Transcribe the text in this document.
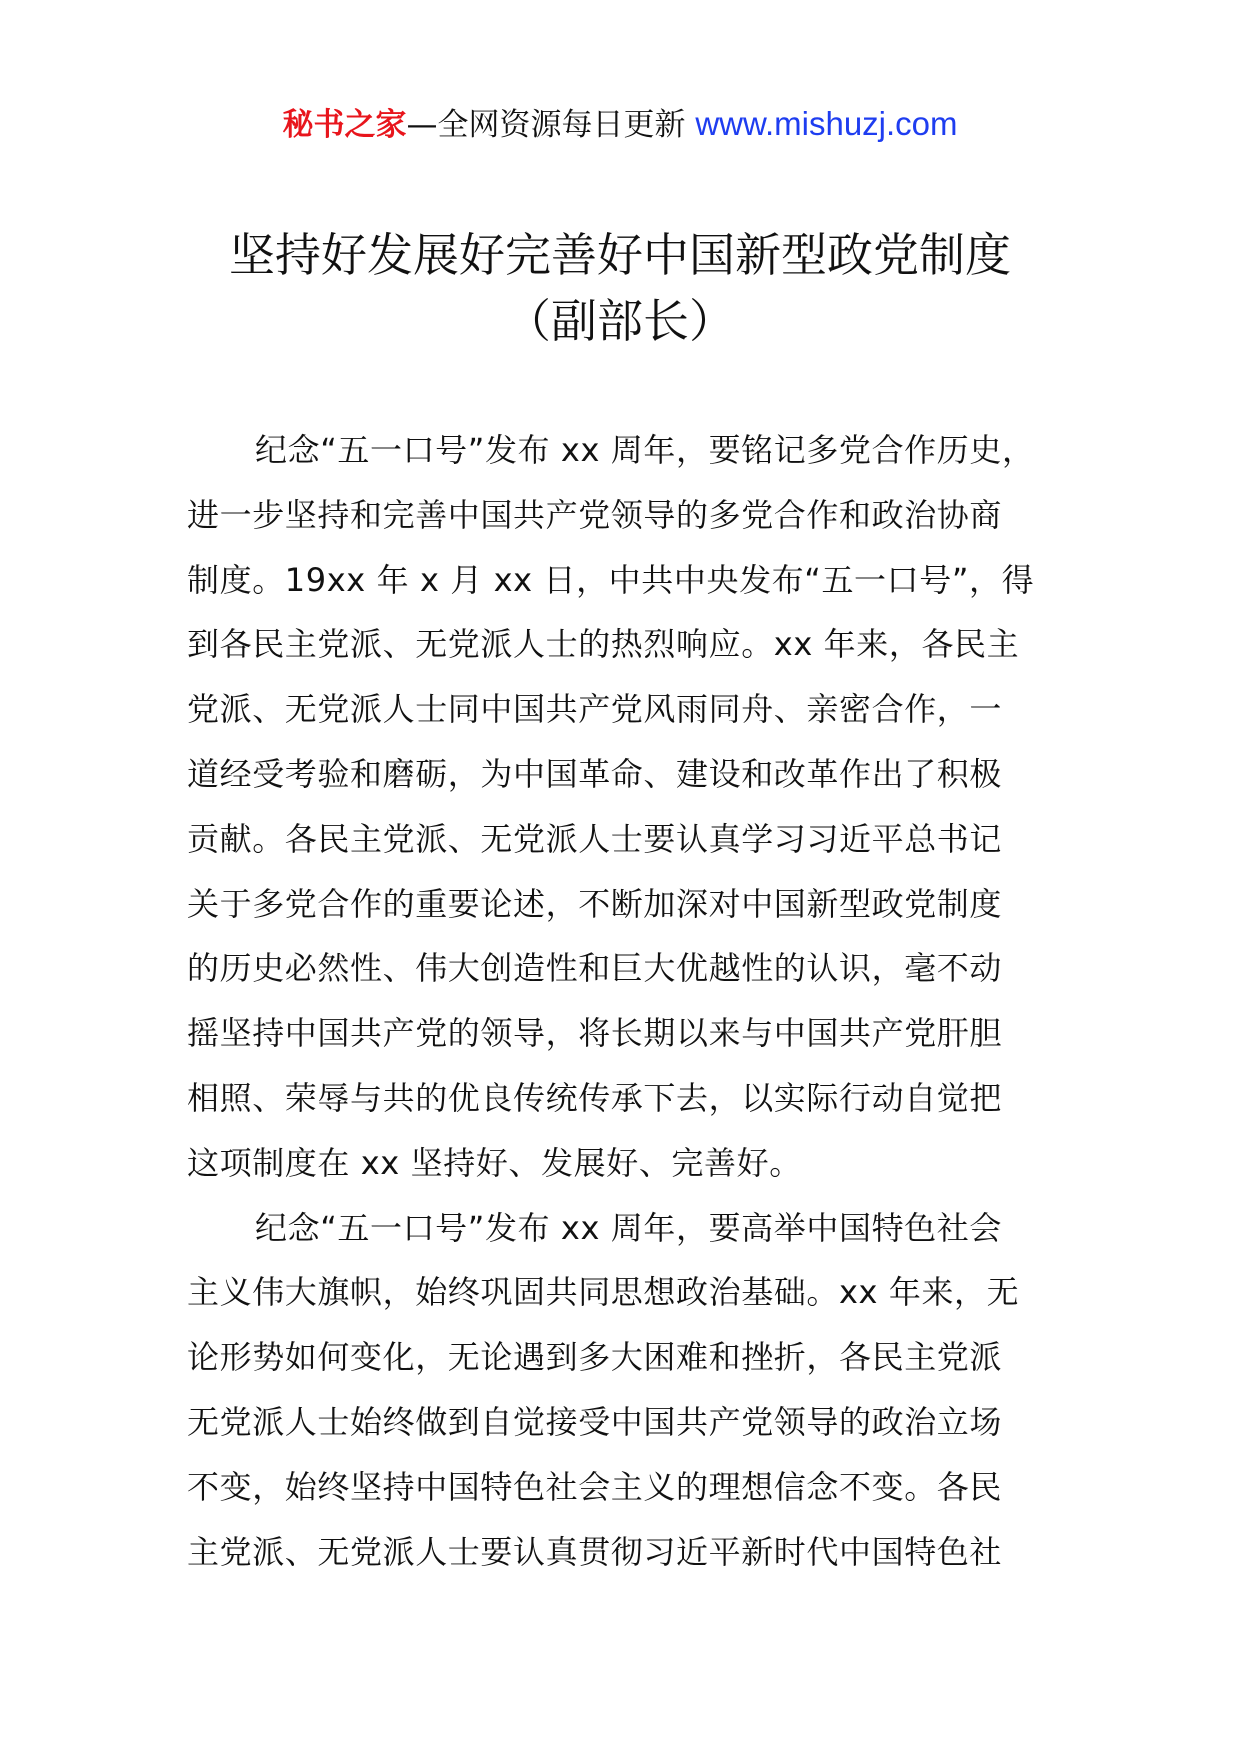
秘书之家—全网资源每日更新 www.mishuzj.com
坚持好发展好完善好中国新型政党制度
（副部长）
纪念“五一口号”发布 xx 周年，要铭记多党合作历史，
进一步坚持和完善中国共产党领导的多党合作和政治协商
制度。19xx 年 x 月 xx 日，中共中央发布“五一口号”，得
到各民主党派、无党派人士的热烈响应。xx 年来，各民主
党派、无党派人士同中国共产党风雨同舟、亲密合作，一
道经受考验和磨砺，为中国革命、建设和改革作出了积极
贡献。各民主党派、无党派人士要认真学习习近平总书记
关于多党合作的重要论述，不断加深对中国新型政党制度
的历史必然性、伟大创造性和巨大优越性的认识，毫不动
摇坚持中国共产党的领导，将长期以来与中国共产党肝胆
相照、荣辱与共的优良传统传承下去，以实际行动自觉把
这项制度在 xx 坚持好、发展好、完善好。
纪念“五一口号”发布 xx 周年，要高举中国特色社会
主义伟大旗帜，始终巩固共同思想政治基础。xx 年来，无
论形势如何变化，无论遇到多大困难和挫折，各民主党派
无党派人士始终做到自觉接受中国共产党领导的政治立场
不变，始终坚持中国特色社会主义的理想信念不变。各民
主党派、无党派人士要认真贯彻习近平新时代中国特色社
